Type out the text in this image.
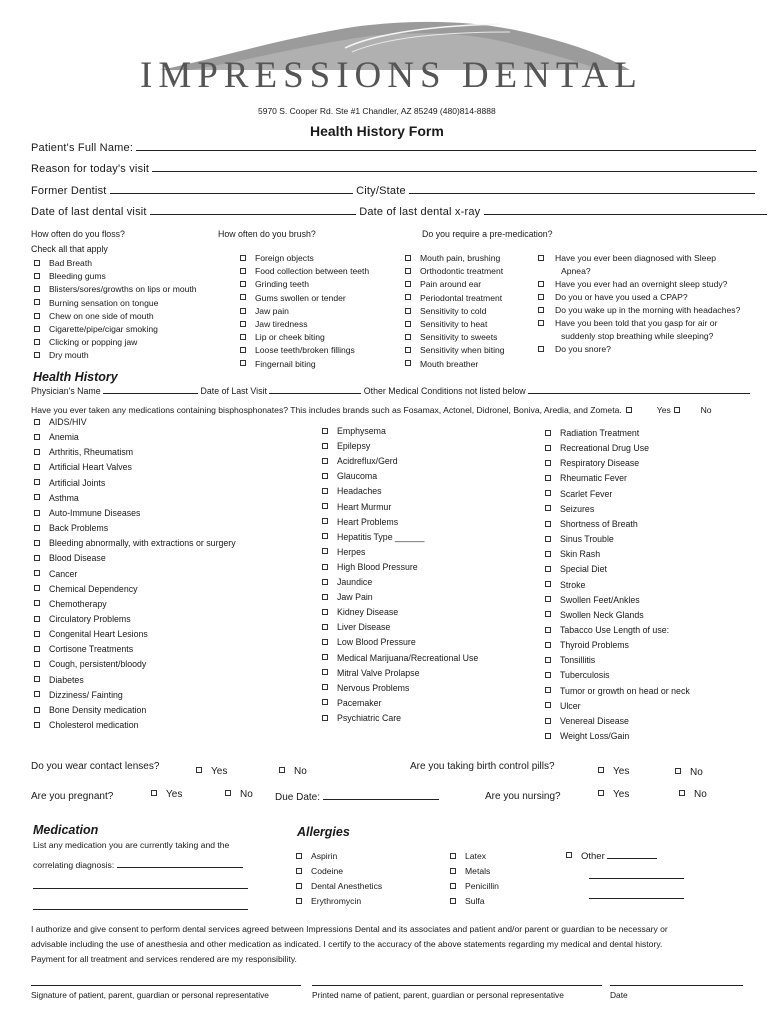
IMPRESSIONS DENTAL
5970 S. Cooper Rd. Ste #1 Chandler, AZ 85249 (480)814-8888
Health History Form
Patient's Full Name:
Reason for today's visit
Former Dentist	City/State
Date of last dental visit	Date of last dental x-ray
How often do you floss?	How often do you brush?	Do you require a pre-medication?
Check all that apply
Bad Breath
Bleeding gums
Blisters/sores/growths on lips or mouth
Burning sensation on tongue
Chew on one side of mouth
Cigarette/pipe/cigar smoking
Clicking or popping jaw
Dry mouth
Foreign objects
Food collection between teeth
Grinding teeth
Gums swollen or tender
Jaw pain
Jaw tiredness
Lip or cheek biting
Loose teeth/broken fillings
Fingernail biting
Mouth pain, brushing
Orthodontic treatment
Pain around ear
Periodontal treatment
Sensitivity to cold
Sensitivity to heat
Sensitivity to sweets
Sensitivity when biting
Mouth breather
Have you ever been diagnosed with Sleep
Apnea?
Have you ever had an overnight sleep study?
Do you or have you used a CPAP?
Do you wake up in the morning with headaches?
Have you been told that you gasp for air or
suddenly stop breathing while sleeping?
Do you snore?
Health History
Physician's Name	Date of Last Visit	Other Medical Conditions not listed below
Have you ever taken any medications containing bisphosphonates? This includes brands such as Fosamax, Actonel, Didronel, Boniva, Aredia, and Zometa.	Yes	No
AIDS/HIV
Anemia
Arthritis, Rheumatism
Artificial Heart Valves
Artificial Joints
Asthma
Auto-Immune Diseases
Back Problems
Bleeding abnormally, with extractions or surgery
Blood Disease
Cancer
Chemical Dependency
Chemotherapy
Circulatory Problems
Congenital Heart Lesions
Cortisone Treatments
Cough, persistent/bloody
Diabetes
Dizziness/ Fainting
Bone Density medication
Cholesterol medication
Emphysema
Epilepsy
Acidreflux/Gerd
Glaucoma
Headaches
Heart Murmur
Heart Problems
Hepatitis Type ______
Herpes
High Blood Pressure
Jaundice
Jaw Pain
Kidney Disease
Liver Disease
Low Blood Pressure
Medical Marijuana/Recreational Use
Mitral Valve Prolapse
Nervous Problems
Pacemaker
Psychiatric Care
Radiation Treatment
Recreational Drug Use
Respiratory Disease
Rheumatic Fever
Scarlet Fever
Seizures
Shortness of Breath
Sinus Trouble
Skin Rash
Special Diet
Stroke
Swollen Feet/Ankles
Swollen Neck Glands
Tabacco Use Length of use:
Thyroid Problems
Tonsillitis
Tuberculosis
Tumor or growth on head or neck
Ulcer
Venereal Disease
Weight Loss/Gain
Do you wear contact lenses?	Yes	No	Are you taking birth control pills?	Yes	No
Are you pregnant?	Yes	No Due Date:	Are you nursing?	Yes	No
Medication
List any medication you are currently taking and the
correlating diagnosis:
Allergies
Aspirin
Codeine
Dental Anesthetics
Erythromycin
Latex
Metals
Penicillin
Sulfa
Other
I authorize and give consent to perform dental services agreed between Impressions Dental and its associates and patient and/or parent or guardian to be necessary or
advisable including the use of anesthesia and other medication as indicated. I certify to the accuracy of the above statements regarding my medical and dental history.
Payment for all treatment and services rendered are my responsibility.
Signature of patient, parent, guardian or personal representative	Printed name of patient, parent, guardian or personal representative	Date
